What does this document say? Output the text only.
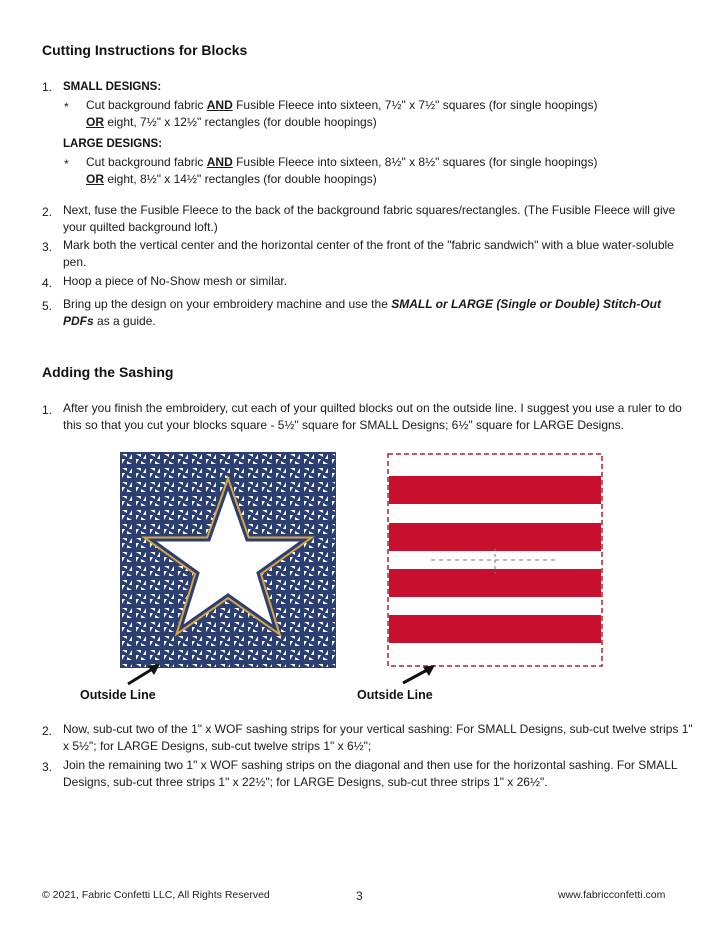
Cutting Instructions for Blocks
1. SMALL DESIGNS:
* Cut background fabric AND Fusible Fleece into sixteen, 7½" x 7½" squares (for single hoopings)
OR eight, 7½" x 12½" rectangles (for double hoopings)
LARGE DESIGNS:
* Cut background fabric AND Fusible Fleece into sixteen, 8½" x 8½" squares (for single hoopings)
OR eight, 8½" x 14½" rectangles (for double hoopings)
2. Next, fuse the Fusible Fleece to the back of the background fabric squares/rectangles. (The Fusible Fleece will give your quilted background loft.)
3. Mark both the vertical center and the horizontal center of the front of the "fabric sandwich" with a blue water-soluble pen.
4. Hoop a piece of No-Show mesh or similar.
5. Bring up the design on your embroidery machine and use the SMALL or LARGE (Single or Double) Stitch-Out PDFs as a guide.
Adding the Sashing
1. After you finish the embroidery, cut each of your quilted blocks out on the outside line. I suggest you use a ruler to do this so that you cut your blocks square - 5½" square for SMALL Designs; 6½" square for LARGE Designs.
Outside Line	Outside Line
2. Now, sub-cut two of the 1" x WOF sashing strips for your vertical sashing: For SMALL Designs, sub-cut twelve strips 1" x 5½"; for LARGE Designs, sub-cut twelve strips 1" x 6½";
3. Join the remaining two 1" x WOF sashing strips on the diagonal and then use for the horizontal sashing. For SMALL Designs, sub-cut three strips 1" x 22½"; for LARGE Designs, sub-cut three strips 1" x 26½".
© 2021, Fabric Confetti LLC, All Rights Reserved	3	www.fabricconfetti.com
